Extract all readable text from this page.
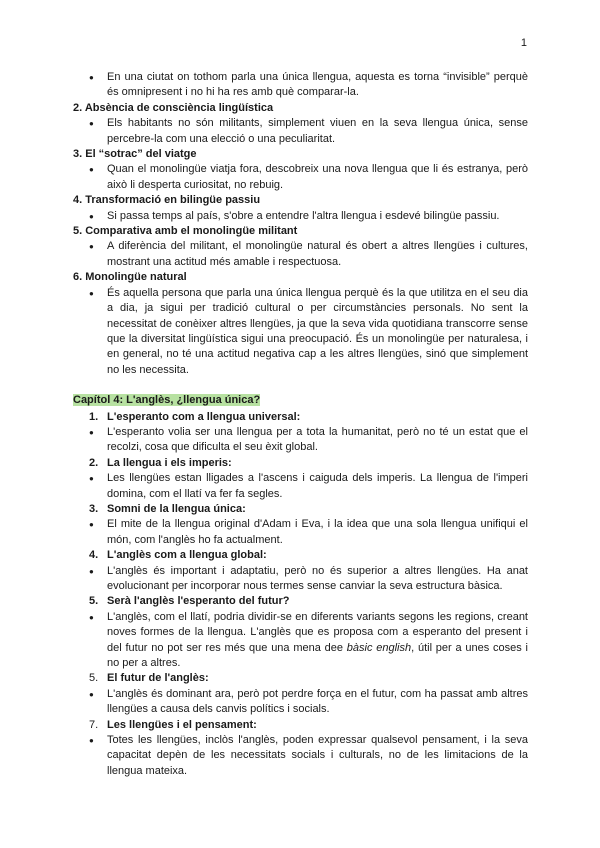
1
● En una ciutat on tothom parla una única llengua, aquesta es torna “invisible” perquè és omnipresent i no hi ha res amb què comparar-la.

2. Absència de consciència lingüística

● Els habitants no són militants, simplement viuen en la seva llengua única, sense percebre-la com una elecció o una peculiaritat.

3. El “sotrac” del viatge

● Quan el monolingüe viatja fora, descobreix una nova llengua que li és estranya, però això li desperta curiositat, no rebuig.

4. Transformació en bilingüe passiu

● Si passa temps al país, s'obre a entendre l'altra llengua i esdevé bilingüe passiu.

5. Comparativa amb el monolingüe militant

● A diferència del militant, el monolingüe natural és obert a altres llengües i cultures, mostrant una actitud més amable i respectuosa.

6. Monolingüe natural

● És aquella persona que parla una única llengua perquè és la que utilitza en el seu dia a dia, ja sigui per tradició cultural o per circumstàncies personals. No sent la necessitat de conèixer altres llengües, ja que la seva vida quotidiana transcorre sense que la diversitat lingüística sigui una preocupació. És un monolingüe per naturalesa, i en general, no té una actitud negativa cap a les altres llengües, sinó que simplement no les necessita.
Capítol 4: L'anglès, ¿llengua única?
1. L'esperanto com a llengua universal:
● L'esperanto volia ser una llengua per a tota la humanitat, però no té un estat que el recolzi, cosa que dificulta el seu èxit global.
2. La llengua i els imperis:
● Les llengües estan lligades a l'ascens i caiguda dels imperis. La llengua de l'imperi domina, com el llatí va fer fa segles.
3. Somni de la llengua única:
● El mite de la llengua original d'Adam i Eva, i la idea que una sola llengua unifiqui el món, com l'anglès ho fa actualment.
4. L'anglès com a llengua global:
● L'anglès és important i adaptatiu, però no és superior a altres llengües. Ha anat evolucionant per incorporar nous termes sense canviar la seva estructura bàsica.
5. Serà l'anglès l'esperanto del futur?
● L'anglès, com el llatí, podria dividir-se en diferents variants segons les regions, creant noves formes de la llengua. L'anglès que es proposa com a esperanto del present i del futur no pot ser res més que una mena dee bàsic english, útil per a unes coses i no per a altres.
5. El futur de l'anglès:
● L'anglès és dominant ara, però pot perdre força en el futur, com ha passat amb altres llengües a causa dels canvis polítics i socials.
7. Les llengües i el pensament:
● Totes les llengües, inclòs l'anglès, poden expressar qualsevol pensament, i la seva capacitat depèn de les necessitats socials i culturals, no de les limitacions de la llengua mateixa.
